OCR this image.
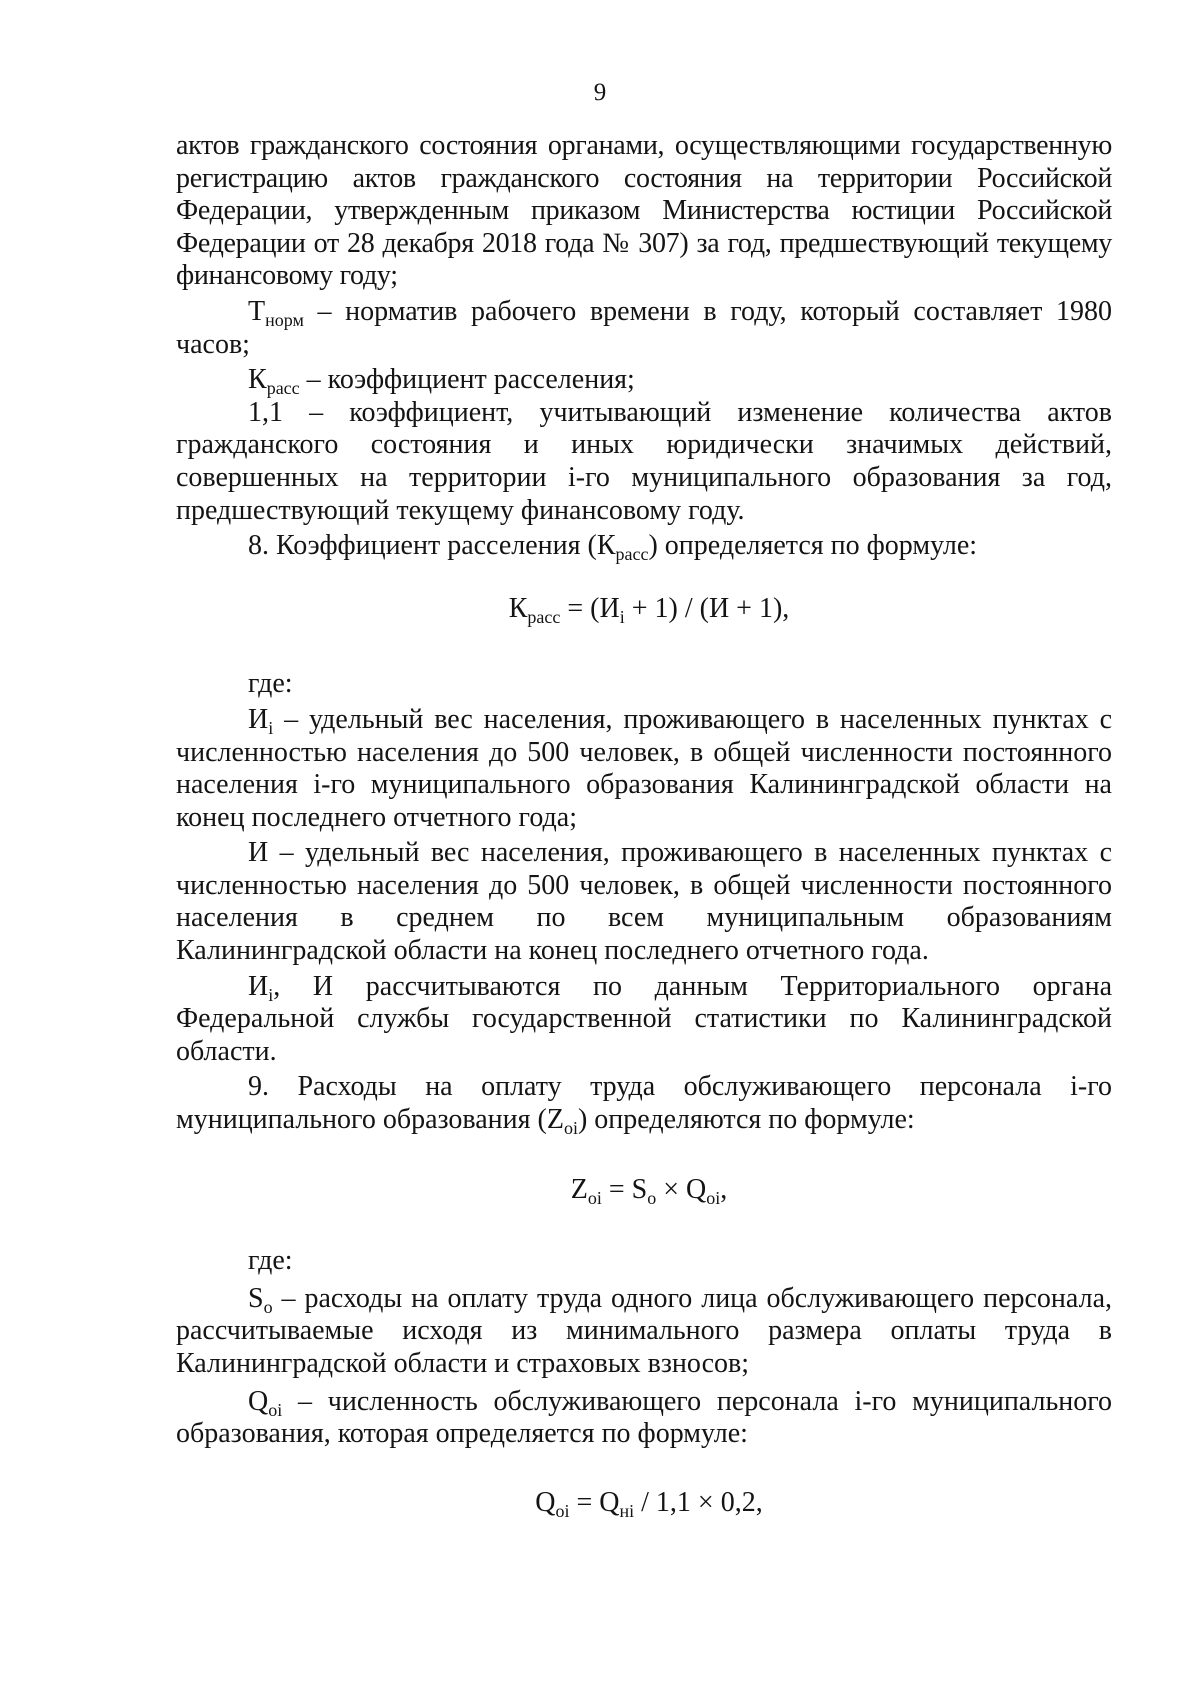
9

актов гражданского состояния органами, осуществляющими государственную регистрацию актов гражданского состояния на территории Российской Федерации, утвержденным приказом Министерства юстиции Российской Федерации от 28 декабря 2018 года № 307) за год, предшествующий текущему финансовому году;

$Т_{норм}$ – норматив рабочего времени в году, который составляет 1980 часов;

$К_{расс}$ – коэффициент расселения;

1,1 – коэффициент, учитывающий изменение количества актов гражданского состояния и иных юридически значимых действий, совершенных на территории i-го муниципального образования за год, предшествующий текущему финансовому году.

8. Коэффициент расселения $(К_{расс})$ определяется по формуле:

$К_{расс} = (И_i + 1) / (И + 1)$,

где:

$И_i$ – удельный вес населения, проживающего в населенных пунктах с численностью населения до 500 человек, в общей численности постоянного населения i-го муниципального образования Калининградской области на конец последнего отчетного года;

И – удельный вес населения, проживающего в населенных пунктах с численностью населения до 500 человек, в общей численности постоянного населения в среднем по всем муниципальным образованиям Калининградской области на конец последнего отчетного года.

$И_i$, И рассчитываются по данным Территориального органа Федеральной службы государственной статистики по Калининградской области.

9. Расходы на оплату труда обслуживающего персонала i-го муниципального образования $(Z_{oi})$ определяются по формуле:

$Z_{oi} = S_o \times Q_{oi}$,

где:

$S_o$ – расходы на оплату труда одного лица обслуживающего персонала, рассчитываемые исходя из минимального размера оплаты труда в Калининградской области и страховых взносов;

$Q_{oi}$ – численность обслуживающего персонала i-го муниципального образования, которая определяется по формуле:

$Q_{oi} = Q_{нi} / 1,1 \times 0,2$,
